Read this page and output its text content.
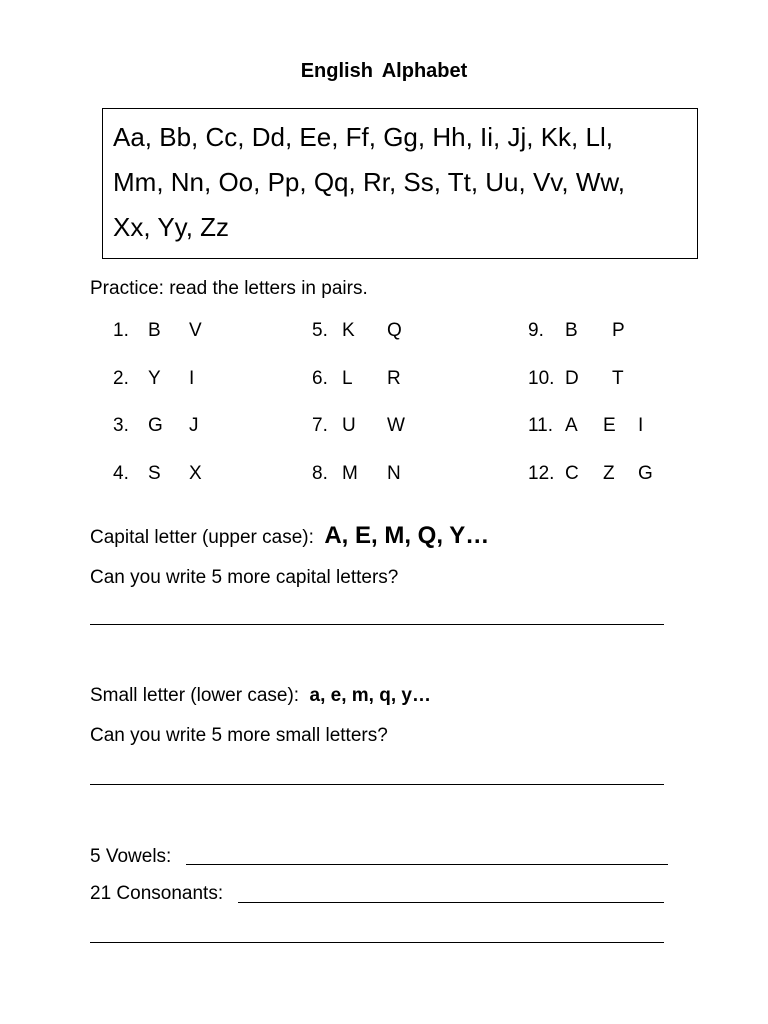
English Alphabet
Aa, Bb, Cc, Dd, Ee, Ff, Gg, Hh, Ii, Jj, Kk, Ll,
Mm, Nn, Oo, Pp, Qq, Rr, Ss, Tt, Uu, Vv, Ww,
Xx, Yy, Zz
Practice: read the letters in pairs.
1. B V
2. Y I
3. G J
4. S X
5. K Q
6. L R
7. U W
8. M N
9. B P
10. D T
11. A E I
12. C Z G
Capital letter (upper case): A, E, M, Q, Y…
Can you write 5 more capital letters?
Small letter (lower case): a, e, m, q, y…
Can you write 5 more small letters?
5 Vowels:
21 Consonants:
